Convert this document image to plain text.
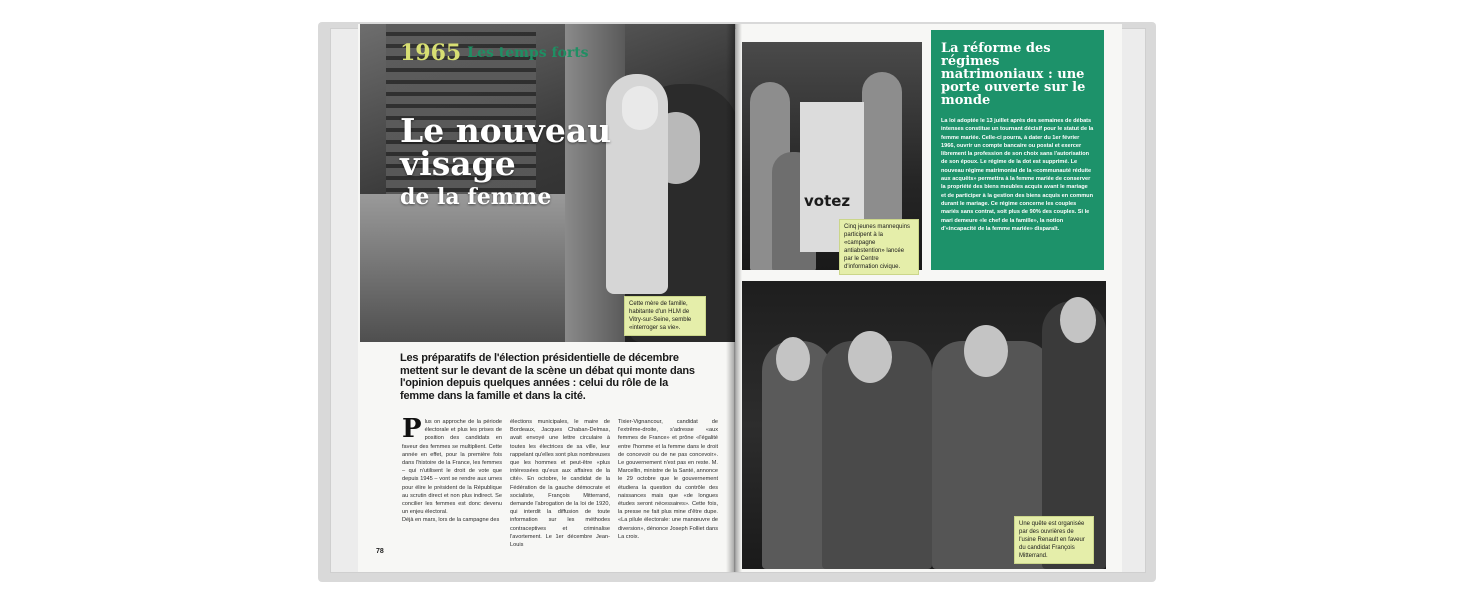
1965 Les temps forts
Le nouveau
visage
de la femme
Cette mère de famille, habitante d'un HLM de Vitry-sur-Seine, semble «interroger sa vie».
Les préparatifs de l'élection présidentielle de décembre mettent sur le devant de la scène un débat qui monte dans l'opinion depuis quelques années : celui du rôle de la femme dans la famille et dans la cité.
Plus on approche de la période électorale et plus les prises de position des candidats en faveur des femmes se multiplient. Cette année en effet, pour la première fois dans l'histoire de la France, les femmes – qui n'utilisent le droit de vote que depuis 1945 – vont se rendre aux urnes pour élire le président de la République au scrutin direct et non plus indirect. Se concilier les femmes est donc devenu un enjeu électoral.
Déjà en mars, lors de la campagne des
élections municipales, le maire de Bordeaux, Jacques Chaban-Delmas, avait envoyé une lettre circulaire à toutes les électrices de sa ville, leur rappelant qu'elles sont plus nombreuses que les hommes et peut-être «plus intéressées qu'eux aux affaires de la cité». En octobre, le candidat de la Fédération de la gauche démocrate et socialiste, François Mitterrand, demande l'abrogation de la loi de 1920, qui interdit la diffusion de toute information sur les méthodes contraceptives et criminalise l'avortement. Le 1er décembre Jean-Louis
Tixier-Vignancour, candidat de l'extrême-droite, s'adresse «aux femmes de France» et prône «l'égalité entre l'homme et la femme dans le droit de concevoir ou de ne pas concevoir». Le gouvernement n'est pas en reste. M. Marcellin, ministre de la Santé, annonce le 29 octobre que le gouvernement étudiera la question du contrôle des naissances mais que «de longues études seront nécessaires». Cette fois, la presse ne fait plus mine d'être dupe. «La pilule électorale: une manœuvre de diversion», dénonce Joseph Folliet dans La croix.
78
votez
Cinq jeunes mannequins participent à la «campagne antiabstention» lancée par le Centre d'information civique.
La réforme des régimes matrimoniaux : une porte ouverte sur le monde
La loi adoptée le 13 juillet après des semaines de débats intenses constitue un tournant décisif pour le statut de la femme mariée. Celle-ci pourra, à dater du 1er février 1966, ouvrir un compte bancaire ou postal et exercer librement la profession de son choix sans l'autorisation de son époux. Le régime de la dot est supprimé. Le nouveau régime matrimonial de la «communauté réduite aux acquêts» permettra à la femme mariée de conserver la propriété des biens meubles acquis avant le mariage et de participer à la gestion des biens acquis en commun durant le mariage. Ce régime concerne les couples mariés sans contrat, soit plus de 90% des couples. Si le mari demeure «le chef de la famille», la notion d'«incapacité de la femme mariée» disparaît.
Une quête est organisée par des ouvrières de l'usine Renault en faveur du candidat François Mitterrand.
